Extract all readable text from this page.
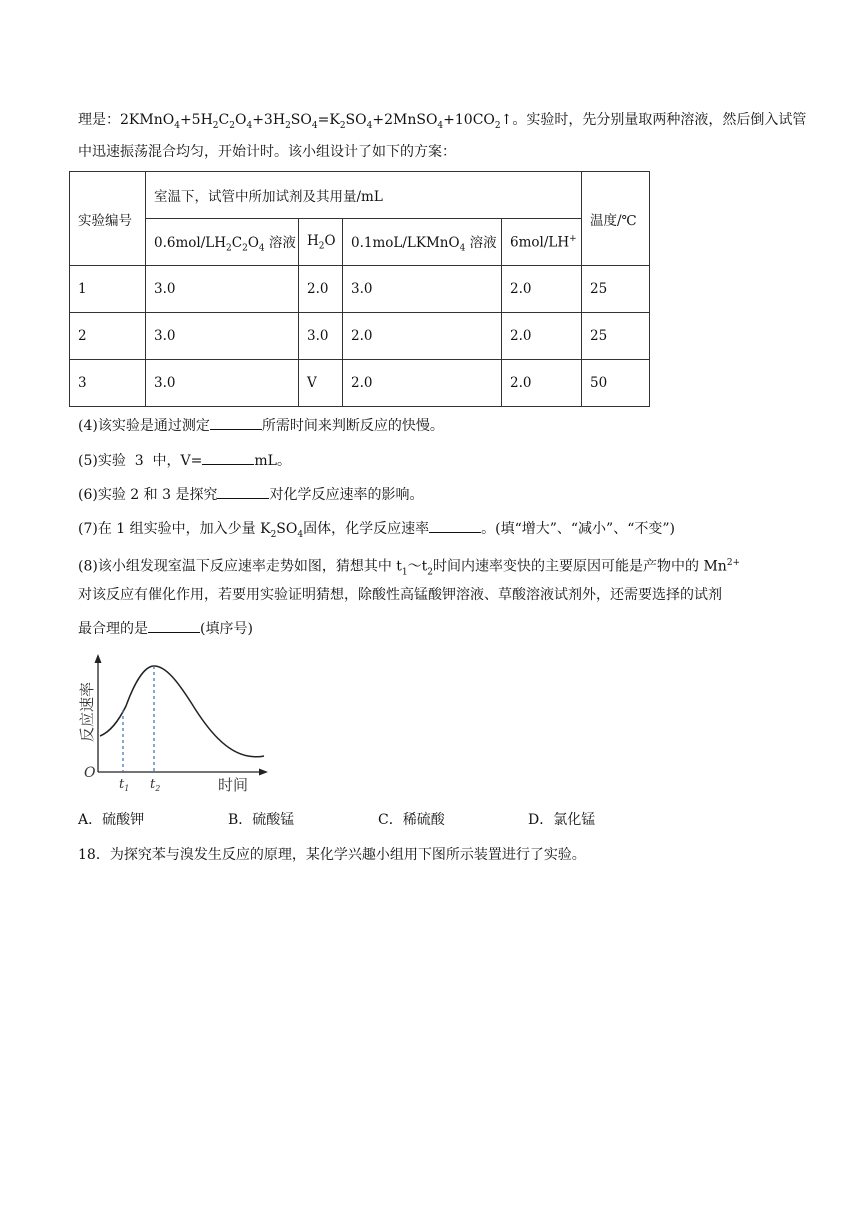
理是：$2KMnO_4+5H_2C_2O_4+3H_2SO_4=K_2SO_4+2MnSO_4+10CO_2↑$。实验时，先分别量取两种溶液，然后倒入试管
中迅速振荡混合均匀，开始计时。该小组设计了如下的方案：
实验编号	室温下，试管中所加试剂及其用量/mL				温度/℃
	$0.6mol/LH_2C_2O_4$ 溶液	$H_2O$	0.1moL/LKMnO$_4$ 溶液	6mol/LH+
1	3.0	2.0	3.0	2.0	25
2	3.0	3.0	2.0	2.0	25
3	3.0	V	2.0	2.0	50
(4)该实验是通过测定	所需时间来判断反应的快慢。
(5)实验  3  中，V=	mL。
(6)实验 2 和 3 是探究	对化学反应速率的影响。
(7)在 1 组实验中，加入少量 $K_2SO_4$固体，化学反应速率	。(填“增大”、“减小”、“不变”)
(8)该小组发现室温下反应速率走势如图，猜想其中 $t_1\sim t_2$时间内速率变快的主要原因可能是产物中的 $Mn^{2+}$
对该反应有催化作用，若要用实验证明猜想，除酸性高锰酸钾溶液、草酸溶液试剂外，还需要选择的试剂
最合理的是	(填序号)
反应速率
时间
O
$t_1$ $t_2$
A．硫酸钾	B．硫酸锰	C．稀硫酸	D．氯化锰
18．为探究苯与溴发生反应的原理，某化学兴趣小组用下图所示装置进行了实验。
